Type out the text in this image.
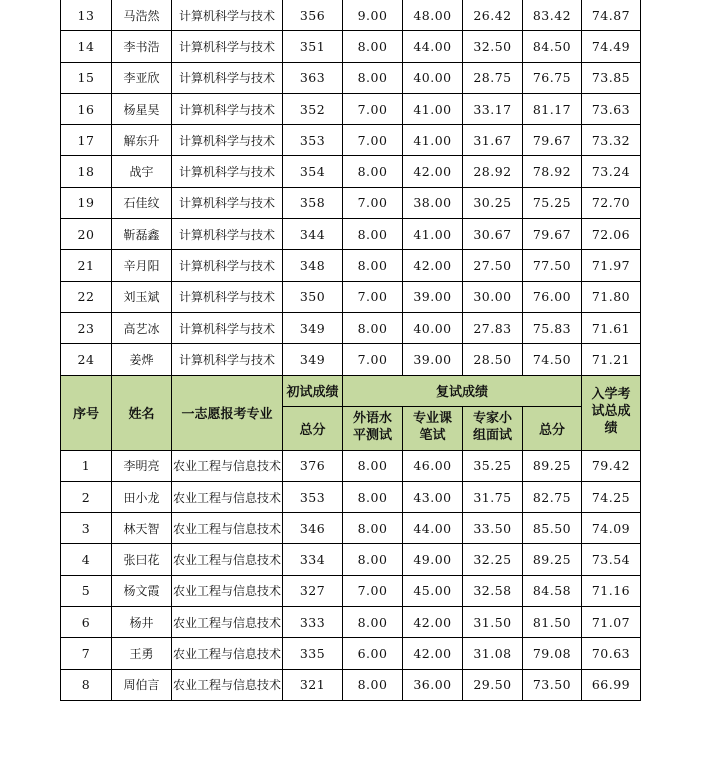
13	马浩然	计算机科学与技术	356	9.00	48.00	26.42	83.42	74.87
14	李书浩	计算机科学与技术	351	8.00	44.00	32.50	84.50	74.49
15	李亚欣	计算机科学与技术	363	8.00	40.00	28.75	76.75	73.85
16	杨星昊	计算机科学与技术	352	7.00	41.00	33.17	81.17	73.63
17	解东升	计算机科学与技术	353	7.00	41.00	31.67	79.67	73.32
18	战宇	计算机科学与技术	354	8.00	42.00	28.92	78.92	73.24
19	石佳纹	计算机科学与技术	358	7.00	38.00	30.25	75.25	72.70
20	靳磊鑫	计算机科学与技术	344	8.00	41.00	30.67	79.67	72.06
21	辛月阳	计算机科学与技术	348	8.00	42.00	27.50	77.50	71.97
22	刘玉斌	计算机科学与技术	350	7.00	39.00	30.00	76.00	71.80
23	高艺冰	计算机科学与技术	349	8.00	40.00	27.83	75.83	71.61
24	姜烨	计算机科学与技术	349	7.00	39.00	28.50	74.50	71.21
序号	姓名	一志愿报考专业	初试成绩	复试成绩				入学考试总成绩
			总分	外语水平测试	专业课笔试	专家小组面试	总分	
1	李明亮	农业工程与信息技术	376	8.00	46.00	35.25	89.25	79.42
2	田小龙	农业工程与信息技术	353	8.00	43.00	31.75	82.75	74.25
3	林天智	农业工程与信息技术	346	8.00	44.00	33.50	85.50	74.09
4	张曰花	农业工程与信息技术	334	8.00	49.00	32.25	89.25	73.54
5	杨文霞	农业工程与信息技术	327	7.00	45.00	32.58	84.58	71.16
6	杨井	农业工程与信息技术	333	8.00	42.00	31.50	81.50	71.07
7	王勇	农业工程与信息技术	335	6.00	42.00	31.08	79.08	70.63
8	周伯言	农业工程与信息技术	321	8.00	36.00	29.50	73.50	66.99
